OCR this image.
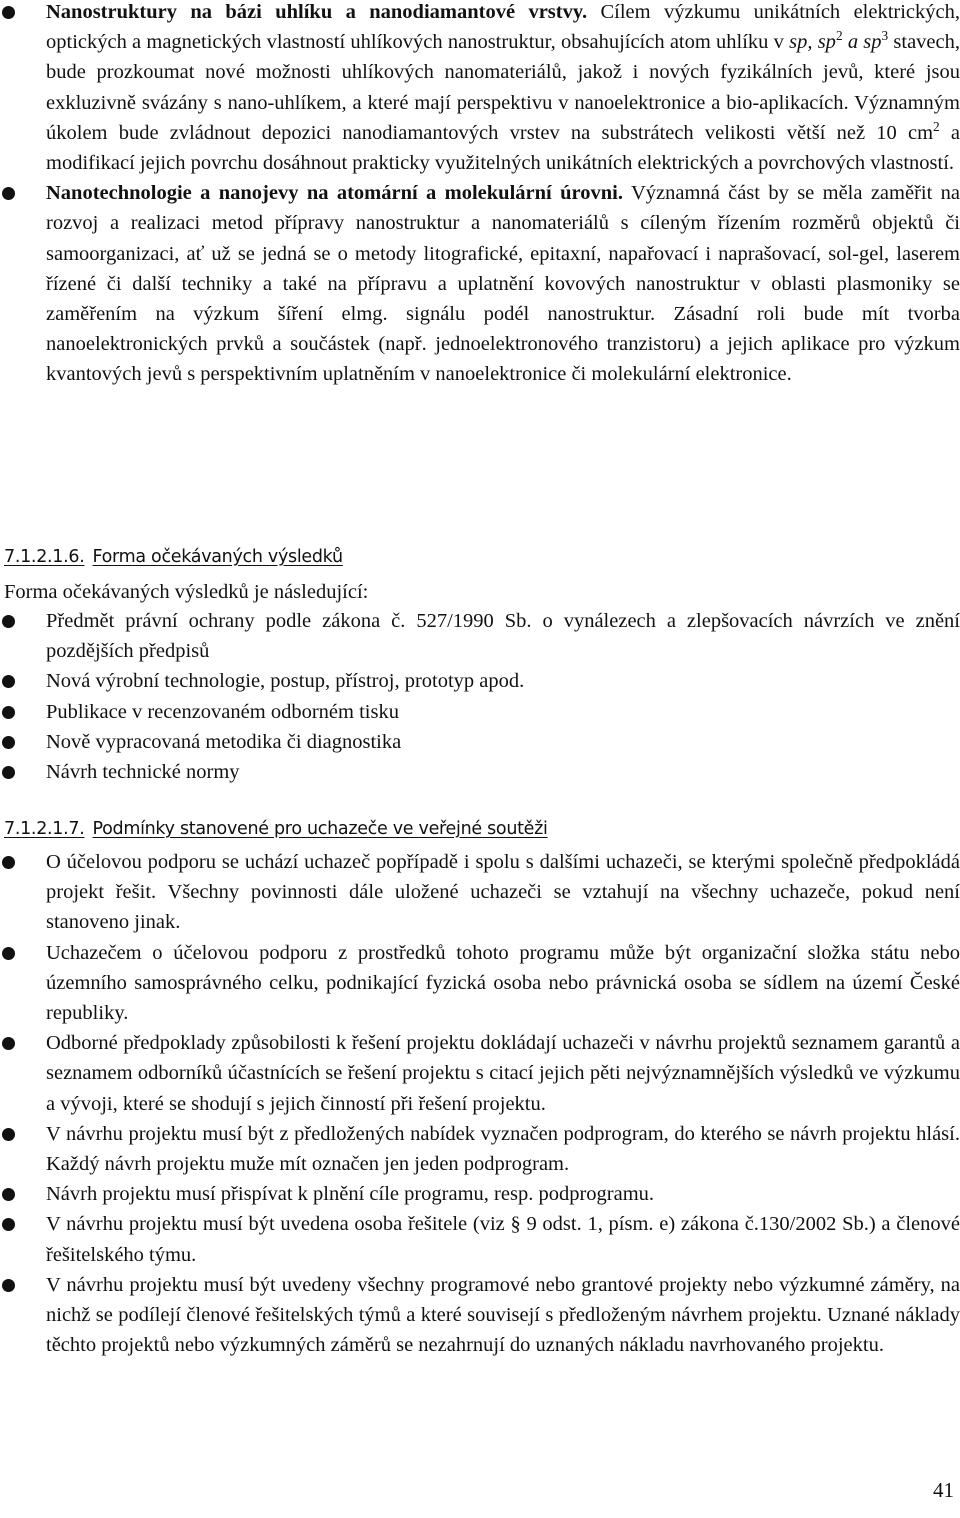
Nanostruktury na bázi uhlíku a nanodiamantové vrstvy. Cílem výzkumu unikátních elektrických, optických a magnetických vlastností uhlíkových nanostruktur, obsahujících atom uhlíku v sp, $sp^2$ a $sp^3$ stavech, bude prozkoumat nové možnosti uhlíkových nanomateriálů, jakož i nových fyzikálních jevů, které jsou exkluzivně svázány s nano-uhlíkem, a které mají perspektivu v nanoelektronice a bio-aplikacích. Významným úkolem bude zvládnout depozici nanodiamantových vrstev na substrátech velikosti větší než 10 $cm^2$ a modifikací jejich povrchu dosáhnout prakticky využitelných unikátních elektrických a povrchových vlastností.
Nanotechnologie a nanojevy na atomární a molekulární úrovni. Významná část by se měla zaměřit na rozvoj a realizaci metod přípravy nanostruktur a nanomateriálů s cíleným řízením rozměrů objektů či samoorganizaci, ať už se jedná se o metody litografické, epitaxní, napařovací i naprašovací, sol-gel, laserem řízené či další techniky a také na přípravu a uplatnění kovových nanostruktur v oblasti plasmoniky se zaměřením na výzkum šíření elmg. signálu podél nanostruktur. Zásadní roli bude mít tvorba nanoelektronických prvků a součástek (např. jednoelektronového tranzistoru) a jejich aplikace pro výzkum kvantových jevů s perspektivním uplatněním v nanoelektronice či molekulární elektronice.
7.1.2.1.6. Forma očekávaných výsledků
Forma očekávaných výsledků je následující:
Předmět právní ochrany podle zákona č. 527/1990 Sb. o vynálezech a zlepšovacích návrzích ve znění pozdějších předpisů
Nová výrobní technologie, postup, přístroj, prototyp apod.
Publikace v recenzovaném odborném tisku
Nově vypracovaná metodika či diagnostika
Návrh technické normy
7.1.2.1.7. Podmínky stanovené pro uchazeče ve veřejné soutěži
O účelovou podporu se uchází uchazeč popřípadě i spolu s dalšími uchazeči, se kterými společně předpokládá projekt řešit. Všechny povinnosti dále uložené uchazeči se vztahují na všechny uchazeče, pokud není stanoveno jinak.
Uchazečem o účelovou podporu z prostředků tohoto programu může být organizační složka státu nebo územního samosprávného celku, podnikající fyzická osoba nebo právnická osoba se sídlem na území České republiky.
Odborné předpoklady způsobilosti k řešení projektu dokládají uchazeči v návrhu projektů seznamem garantů a seznamem odborníků účastnících se řešení projektu s citací jejich pěti nejvýznamnějších výsledků ve výzkumu a vývoji, které se shodují s jejich činností při řešení projektu.
V návrhu projektu musí být z předložených nabídek vyznačen podprogram, do kterého se návrh projektu hlásí. Každý návrh projektu muže mít označen jen jeden podprogram.
Návrh projektu musí přispívat k plnění cíle programu, resp. podprogramu.
V návrhu projektu musí být uvedena osoba řešitele (viz § 9 odst. 1, písm. e) zákona č.130/2002 Sb.) a členové řešitelského týmu.
V návrhu projektu musí být uvedeny všechny programové nebo grantové projekty nebo výzkumné záměry, na nichž se podílejí členové řešitelských týmů a které souvisejí s předloženým návrhem projektu. Uznané náklady těchto projektů nebo výzkumných záměrů se nezahrnují do uznaných nákladu navrhovaného projektu.
41
